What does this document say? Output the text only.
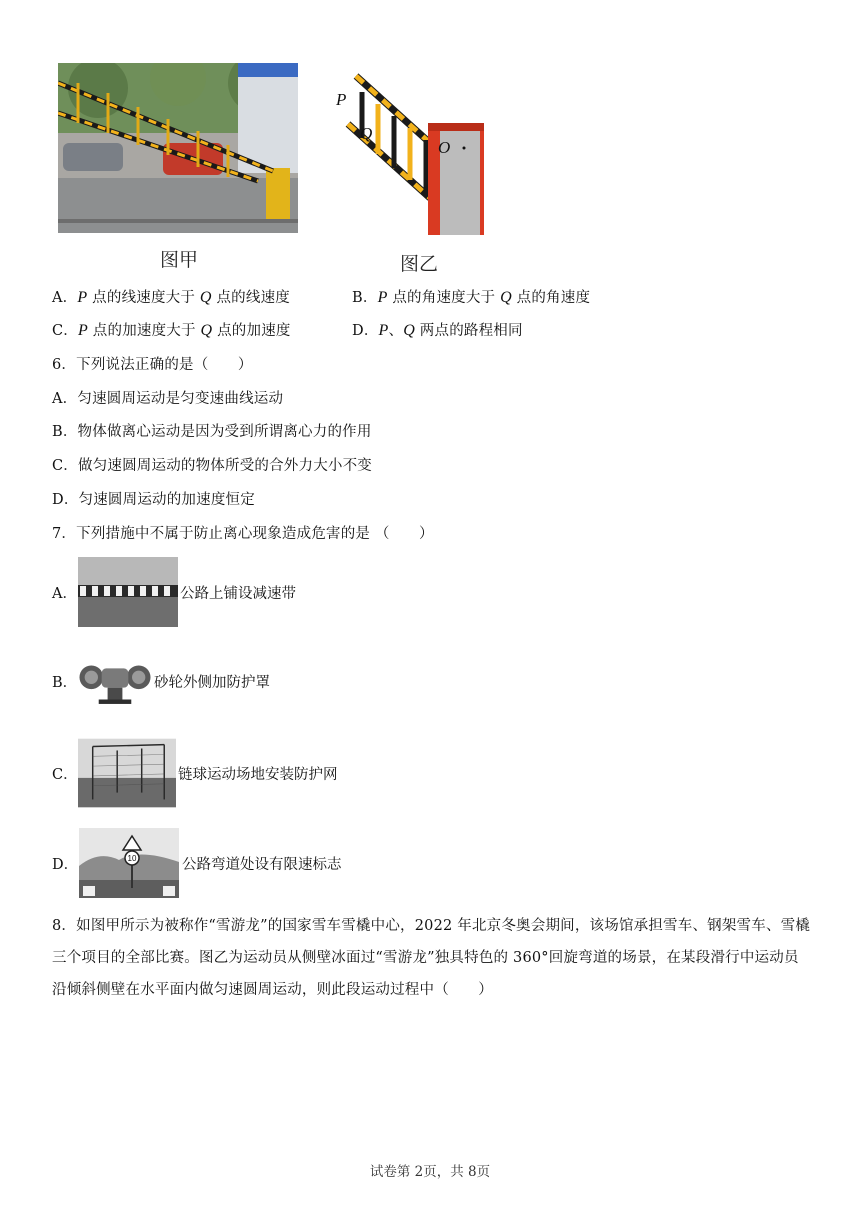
图甲
P
Q
O
图乙
A．P 点的线速度大于 Q 点的线速度	B．P 点的角速度大于 Q 点的角速度
C．P 点的加速度大于 Q 点的加速度	D．P、Q 两点的路程相同
6．下列说法正确的是（　　）
A．匀速圆周运动是匀变速曲线运动
B．物体做离心运动是因为受到所谓离心力的作用
C．做匀速圆周运动的物体所受的合外力大小不变
D．匀速圆周运动的加速度恒定
7．下列措施中不属于防止离心现象造成危害的是 （　　）
A．	公路上铺设减速带
B．	砂轮外侧加防护罩
C．	链球运动场地安装防护网
D．	10	公路弯道处设有限速标志
8．如图甲所示为被称作“雪游龙”的国家雪车雪橇中心，2022 年北京冬奥会期间，该场馆承担雪车、钢架雪车、雪橇三个项目的全部比赛。图乙为运动员从侧壁冰面过“雪游龙”独具特色的 360°回旋弯道的场景，在某段滑行中运动员沿倾斜侧壁在水平面内做匀速圆周运动，则此段运动过程中（　　）
试卷第 2页，共 8页
